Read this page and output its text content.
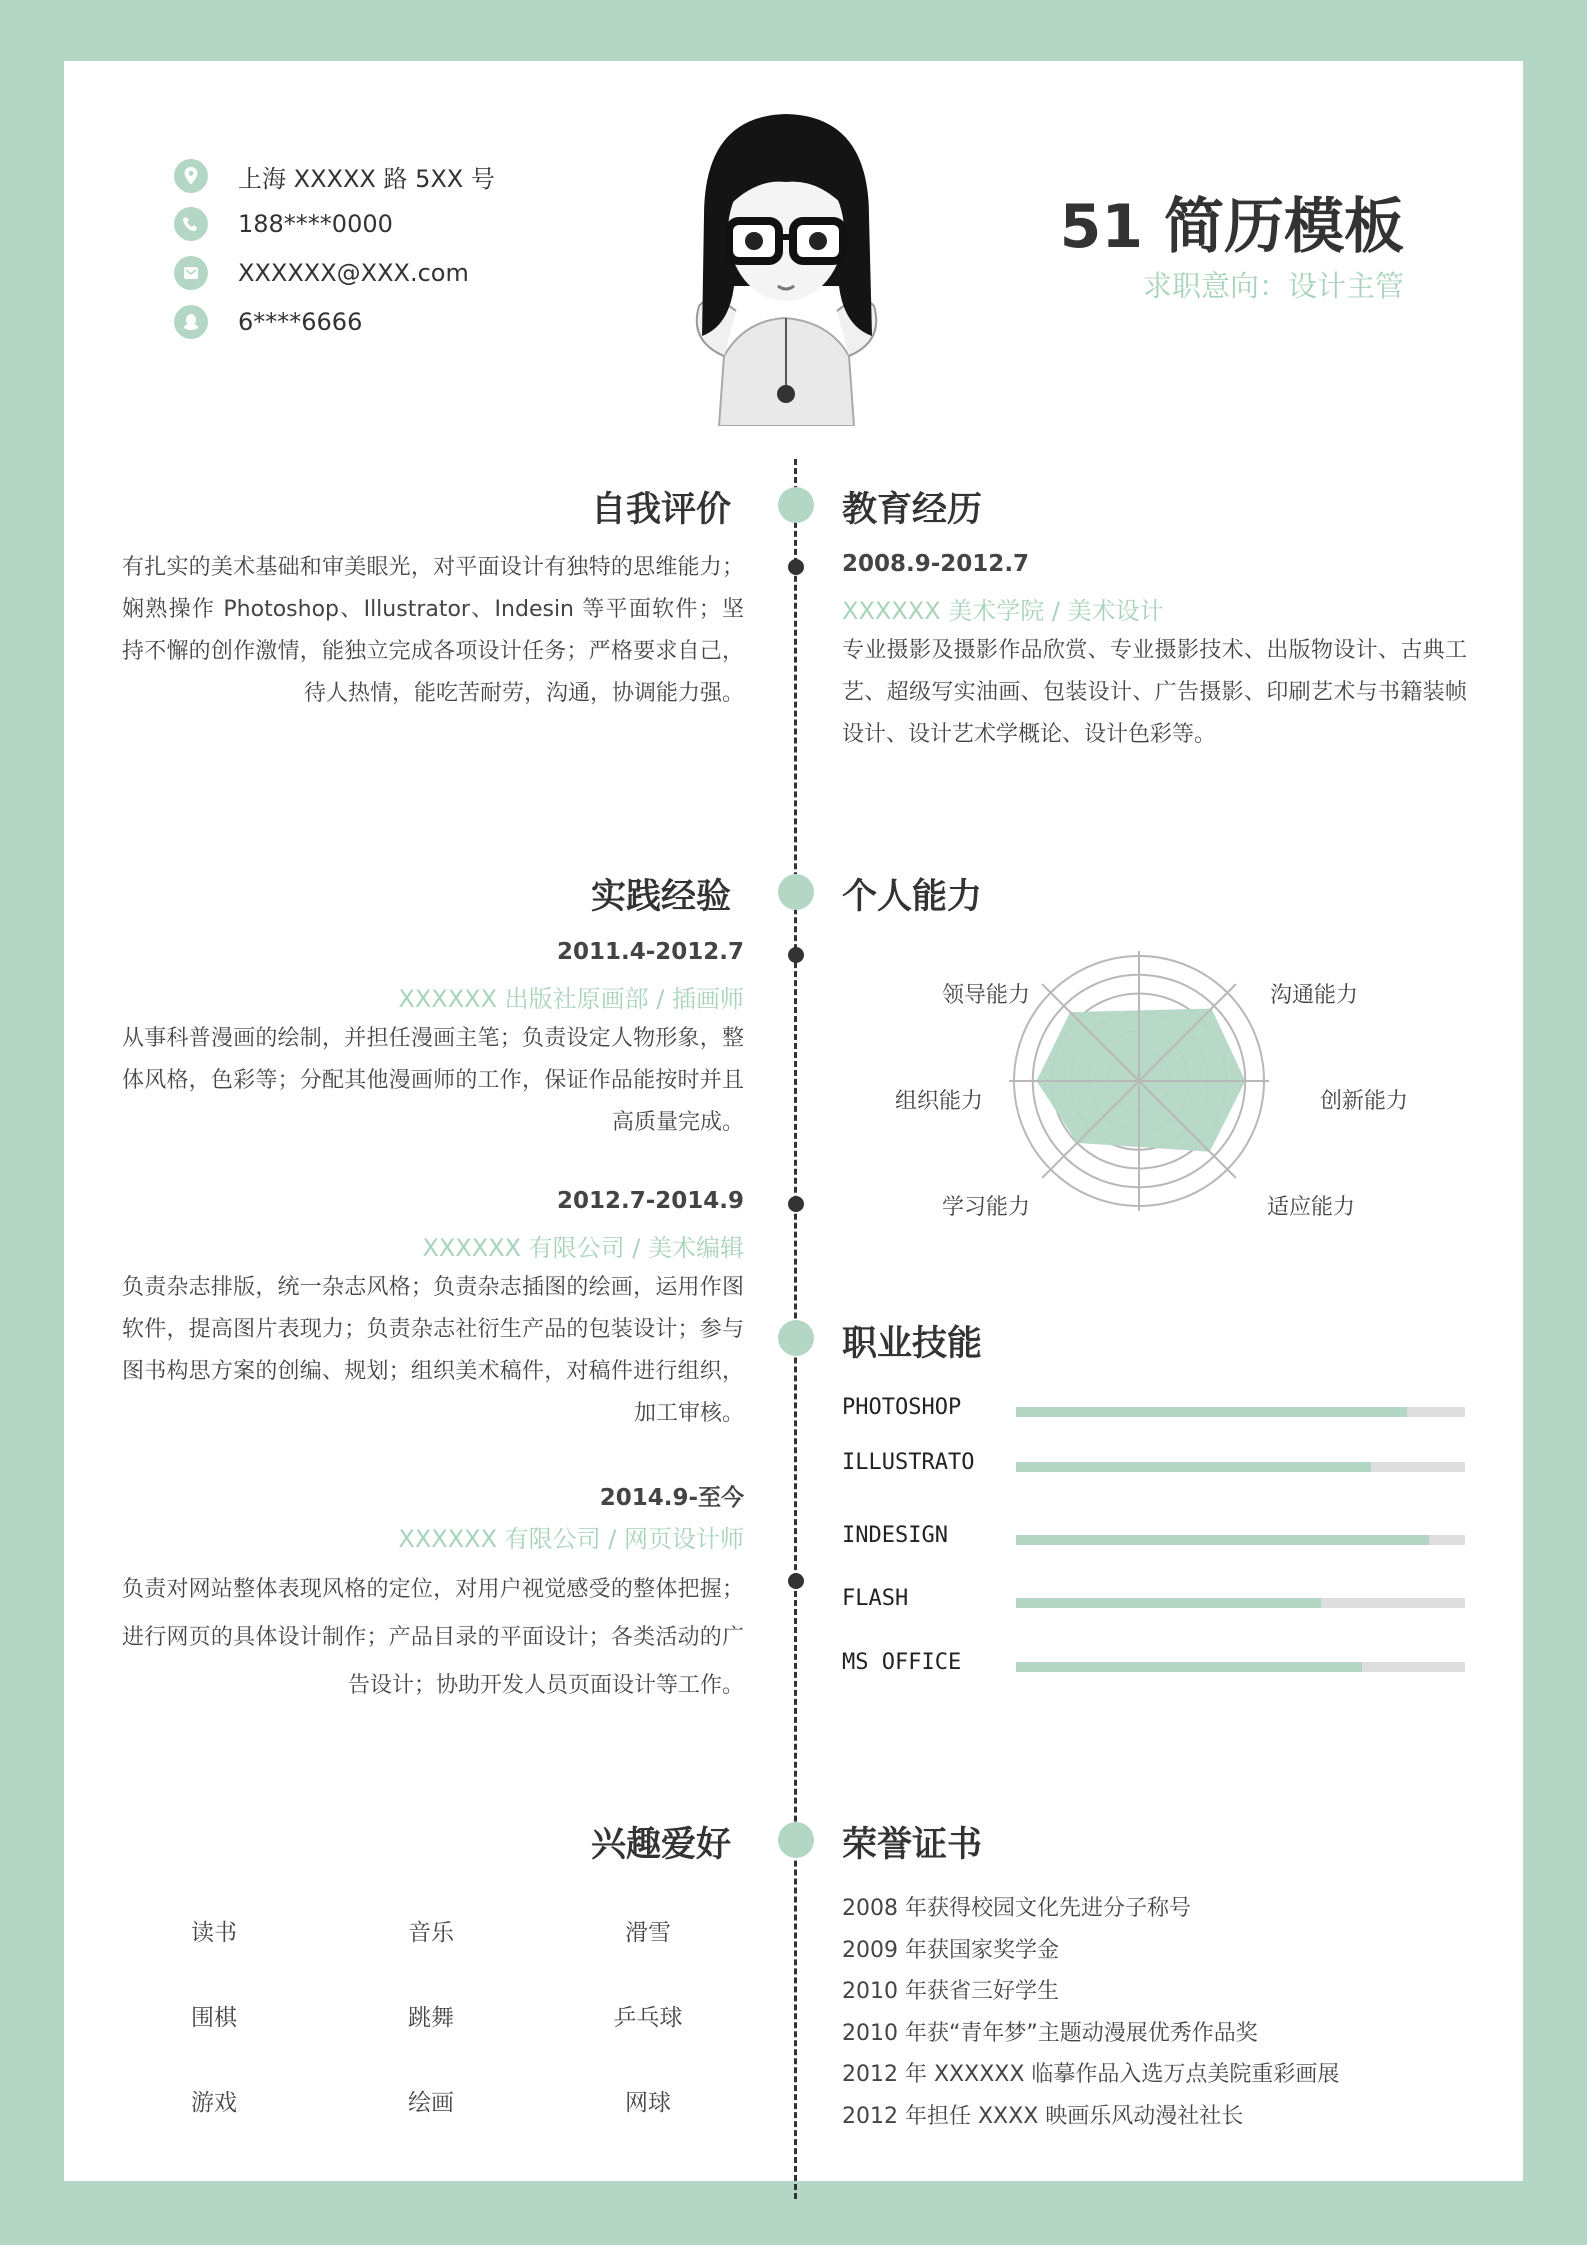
上海 XXXXX 路 5XX 号
188****0000
XXXXXX@XXX.com
6****6666
51 简历模板
求职意向：设计主管
自我评价
有扎实的美术基础和审美眼光，对平面设计有独特的思维能力；娴熟操作 Photoshop、Illustrator、Indesin 等平面软件；坚持不懈的创作激情，能独立完成各项设计任务；严格要求自己，待人热情，能吃苦耐劳，沟通，协调能力强。
教育经历
2008.9-2012.7
XXXXXX 美术学院 / 美术设计
专业摄影及摄影作品欣赏、专业摄影技术、出版物设计、古典工艺、超级写实油画、包装设计、广告摄影、印刷艺术与书籍装帧设计、设计艺术学概论、设计色彩等。
实践经验
2011.4-2012.7
XXXXXX 出版社原画部 / 插画师
从事科普漫画的绘制，并担任漫画主笔；负责设定人物形象，整体风格，色彩等；分配其他漫画师的工作，保证作品能按时并且高质量完成。
2012.7-2014.9
XXXXXX 有限公司 / 美术编辑
负责杂志排版，统一杂志风格；负责杂志插图的绘画，运用作图软件，提高图片表现力；负责杂志社衍生产品的包装设计；参与图书构思方案的创编、规划；组织美术稿件，对稿件进行组织，加工审核。
2014.9-至今
XXXXXX 有限公司 / 网页设计师
负责对网站整体表现风格的定位，对用户视觉感受的整体把握；进行网页的具体设计制作；产品目录的平面设计；各类活动的广告设计；协助开发人员页面设计等工作。
个人能力
领导能力	沟通能力
创新能力
适应能力
学习能力
组织能力
职业技能
PHOTOSHOP
ILLUSTRATO
INDESIGN
FLASH
MS OFFICE
兴趣爱好
读书	音乐	滑雪
围棋	跳舞	乒乓球
游戏	绘画	网球
荣誉证书
2008 年获得校园文化先进分子称号
2009 年获国家奖学金
2010 年获省三好学生
2010 年获“青年梦”主题动漫展优秀作品奖
2012 年 XXXXXX 临摹作品入选万点美院重彩画展
2012 年担任 XXXX 映画乐风动漫社社长
